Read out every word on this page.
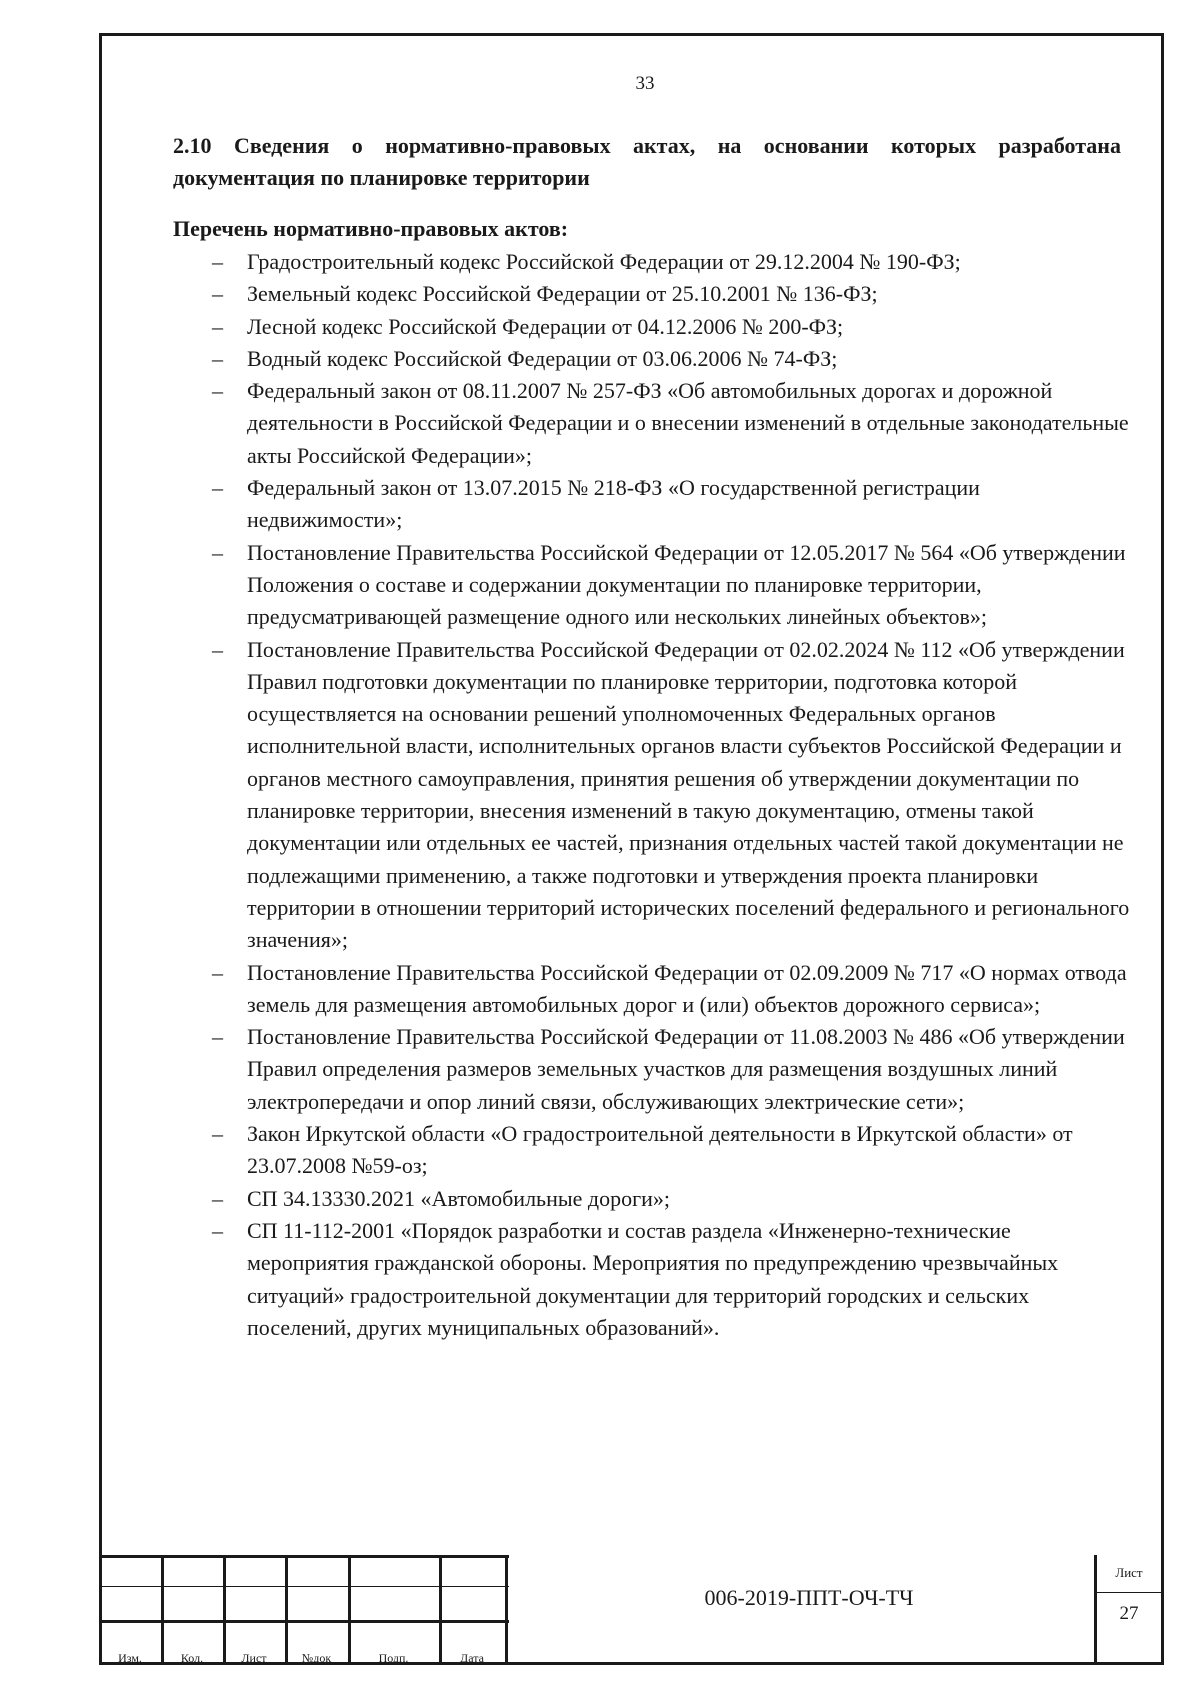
33
2.10 Сведения о нормативно-правовых актах, на основании которых разработана документация по планировке территории
Перечень нормативно-правовых актов:
– Градостроительный кодекс Российской Федерации от 29.12.2004 № 190-ФЗ;
– Земельный кодекс Российской Федерации от 25.10.2001 № 136-ФЗ;
– Лесной кодекс Российской Федерации от 04.12.2006 № 200-ФЗ;
– Водный кодекс Российской Федерации от 03.06.2006 № 74-ФЗ;
– Федеральный закон от 08.11.2007 № 257-ФЗ «Об автомобильных дорогах и дорожной деятельности в Российской Федерации и о внесении изменений в отдельные законодательные акты Российской Федерации»;
– Федеральный закон от 13.07.2015 № 218-ФЗ «О государственной регистрации недвижимости»;
– Постановление Правительства Российской Федерации от 12.05.2017 № 564 «Об утверждении Положения о составе и содержании документации по планировке территории, предусматривающей размещение одного или нескольких линейных объектов»;
– Постановление Правительства Российской Федерации от 02.02.2024 № 112 «Об утверждении Правил подготовки документации по планировке территории, подготовка которой осуществляется на основании решений уполномоченных Федеральных органов исполнительной власти, исполнительных органов власти субъектов Российской Федерации и органов местного самоуправления, принятия решения об утверждении документации по планировке территории, внесения изменений в такую документацию, отмены такой документации или отдельных ее частей, признания отдельных частей такой документации не подлежащими применению, а также подготовки и утверждения проекта планировки территории в отношении территорий исторических поселений федерального и регионального значения»;
– Постановление Правительства Российской Федерации от 02.09.2009 № 717 «О нормах отвода земель для размещения автомобильных дорог и (или) объектов дорожного сервиса»;
– Постановление Правительства Российской Федерации от 11.08.2003 № 486 «Об утверждении Правил определения размеров земельных участков для размещения воздушных линий электропередачи и опор линий связи, обслуживающих электрические сети»;
– Закон Иркутской области «О градостроительной деятельности в Иркутской области» от 23.07.2008 №59-оз;
– СП 34.13330.2021 «Автомобильные дороги»;
– СП 11-112-2001 «Порядок разработки и состав раздела «Инженерно-технические мероприятия гражданской обороны. Мероприятия по предупреждению чрезвычайных ситуаций» градостроительной документации для территорий городских и сельских поселений, других муниципальных образований».
Изм.	Кол.	Лист	№док	Подп.	Дата
006-2019-ППТ-ОЧ-ТЧ
Лист
27
